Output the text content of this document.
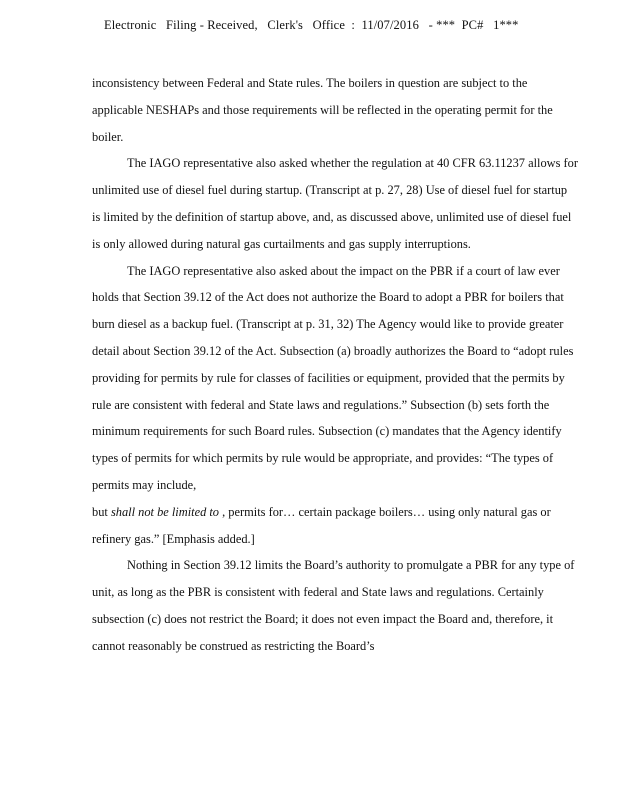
Electronic   Filing - Received,   Clerk's   Office  :  11/07/2016   - ***  PC#   1***

inconsistency between Federal and State rules. The boilers in question are subject to the applicable NESHAPs and those requirements will be reflected in the operating permit for the boiler.

The IAGO representative also asked whether the regulation at 40 CFR 63.11237 allows for unlimited use of diesel fuel during startup. (Transcript at p. 27, 28) Use of diesel fuel for startup is limited by the definition of startup above, and, as discussed above, unlimited use of diesel fuel is only allowed during natural gas curtailments and gas supply interruptions.

The IAGO representative also asked about the impact on the PBR if a court of law ever holds that Section 39.12 of the Act does not authorize the Board to adopt a PBR for boilers that burn diesel as a backup fuel. (Transcript at p. 31, 32) The Agency would like to provide greater detail about Section 39.12 of the Act. Subsection (a) broadly authorizes the Board to “adopt rules providing for permits by rule for classes of facilities or equipment, provided that the permits by rule are consistent with federal and State laws and regulations.” Subsection (b) sets forth the minimum requirements for such Board rules. Subsection (c) mandates that the Agency identify types of permits for which permits by rule would be appropriate, and provides: “The types of permits may include,

but shall not be limited to , permits for… certain package boilers… using only natural gas or refinery gas.” [Emphasis added.]

Nothing in Section 39.12 limits the Board’s authority to promulgate a PBR for any type of unit, as long as the PBR is consistent with federal and State laws and regulations. Certainly subsection (c) does not restrict the Board; it does not even impact the Board and, therefore, it cannot reasonably be construed as restricting the Board’s
